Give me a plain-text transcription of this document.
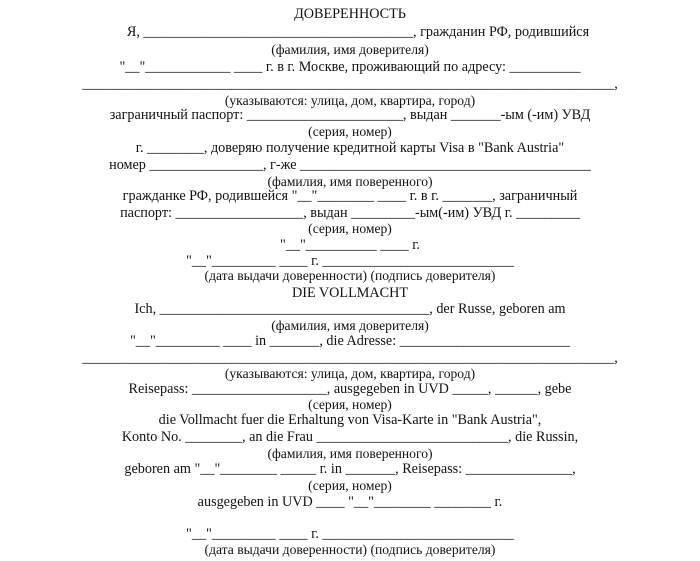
ДОВЕРЕННОСТЬ
Я, ______________________________________, гражданин РФ, родившийся
(фамилия, имя доверителя)
"__"____________ ____ г. в г. Москве, проживающий по адресу: __________
___________________________________________________________________________,
(указываются: улица, дом, квартира, город)
заграничный паспорт: ______________________, выдан _______-ым (-им) УВД
(серия, номер)
г. ________, доверяю получение кредитной карты Visa в "Bank Austria"
номер ________________, г-же _________________________________________
(фамилия, имя поверенного)
гражданке РФ, родившейся "__"________ ____ г. в г. _______, заграничный
паспорт: __________________, выдан _________-ым(-им) УВД г. _________
(серия, номер)
"__"__________ ____ г.
"__"_________ ____ г. ___________________________
(дата выдачи доверенности) (подпись доверителя)
DIE VOLLMACHT
Ich, ______________________________________, der Russe, geboren am
(фамилия, имя доверителя)
"__"_________ ____ in _______, die Adresse: ________________________
___________________________________________________________________________,
(указываются: улица, дом, квартира, город)
Reisepass: ___________________, ausgegeben in UVD _____, ______, gebe
(серия, номер)
die Vollmacht fuer die Erhaltung von Visa-Karte in "Bank Austria",
Konto No. ________, an die Frau ___________________________, die Russin,
(фамилия, имя поверенного)
geboren am "__"________ _____ г. in _______, Reisepass: _______________,
(серия, номер)
ausgegeben in UVD ____ "__"________ ________ г.
"__"_________ ____ г. ___________________________
(дата выдачи доверенности) (подпись доверителя)
